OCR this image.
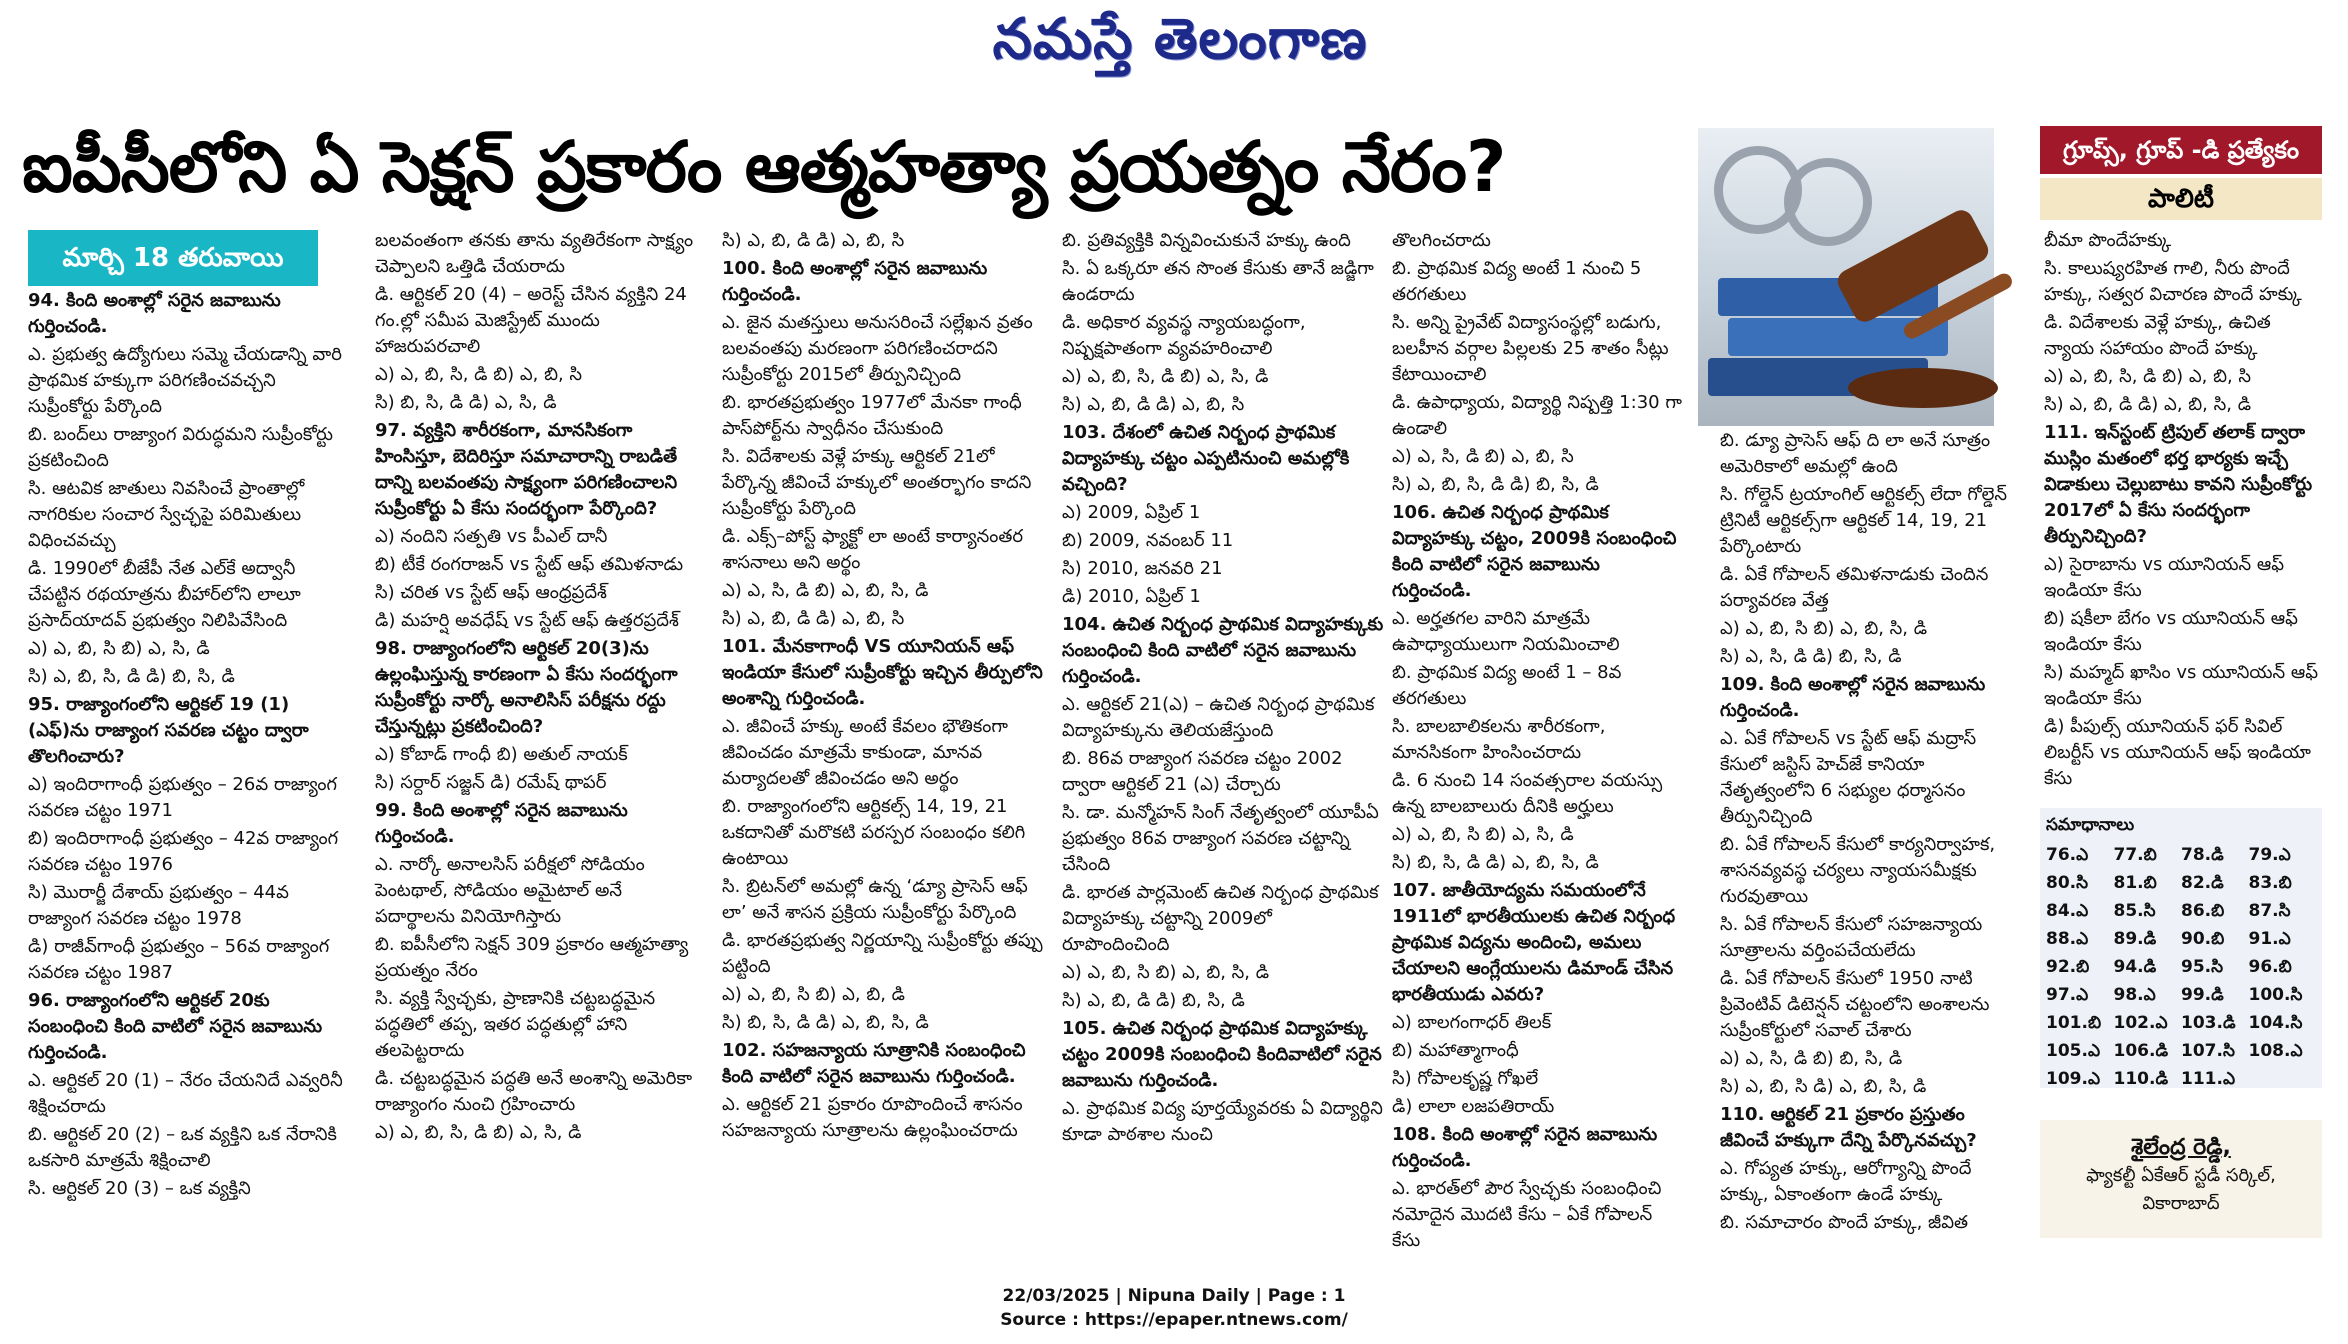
నమస్తే తెలంగాణ
ఐపీసీలోని ఏ సెక్షన్ ప్రకారం ఆత్మహత్యా ప్రయత్నం నేరం?
మార్చి 18 తరువాయి

94. కింది అంశాల్లో సరైన జవాబును గుర్తించండి.

ఎ. ప్రభుత్వ ఉద్యోగులు సమ్మె చేయడాన్ని వారి ప్రాథమిక హక్కుగా పరిగణించవచ్చని సుప్రీంకోర్టు పేర్కొంది

బి. బంద్‌లు రాజ్యాంగ విరుద్ధమని సుప్రీంకోర్టు ప్రకటించింది

సి. ఆటవిక జాతులు నివసించే ప్రాంతాల్లో నాగరికుల సంచార స్వేచ్ఛపై పరిమితులు విధించవచ్చు

డి. 1990లో బీజేపీ నేత ఎల్‌కే అద్వానీ చేపట్టిన రథయాత్రను బీహార్‌లోని లాలూ ప్రసాద్‌యాదవ్ ప్రభుత్వం నిలిపివేసింది

ఎ) ఎ, బి, సి బి) ఎ, సి, డి

సి) ఎ, బి, సి, డి డి) బి, సి, డి

95. రాజ్యాంగంలోని ఆర్టికల్ 19 (1) (ఎఫ్)ను రాజ్యాంగ సవరణ చట్టం ద్వారా తొలగించారు?

ఎ) ఇందిరాగాంధీ ప్రభుత్వం – 26వ రాజ్యాంగ సవరణ చట్టం 1971

బి) ఇందిరాగాంధీ ప్రభుత్వం – 42వ రాజ్యాంగ సవరణ చట్టం 1976

సి) మొరార్జీ దేశాయ్ ప్రభుత్వం – 44వ రాజ్యాంగ సవరణ చట్టం 1978

డి) రాజీవ్‌గాంధీ ప్రభుత్వం – 56వ రాజ్యాంగ సవరణ చట్టం 1987

96. రాజ్యాంగంలోని ఆర్టికల్ 20కు సంబంధించి కింది వాటిలో సరైన జవాబును గుర్తించండి.

ఎ. ఆర్టికల్ 20 (1) – నేరం చేయనిదే ఎవ్వరినీ శిక్షించరాదు

బి. ఆర్టికల్ 20 (2) – ఒక వ్యక్తిని ఒక నేరానికి ఒకసారి మాత్రమే శిక్షించాలి

సి. ఆర్టికల్ 20 (3) – ఒక వ్యక్తిని

బలవంతంగా తనకు తాను వ్యతిరేకంగా సాక్ష్యం చెప్పాలని ఒత్తిడి చేయరాదు

డి. ఆర్టికల్ 20 (4) – అరెస్ట్ చేసిన వ్యక్తిని 24 గం.ల్లో సమీప మెజిస్ట్రేట్ ముందు హాజరుపరచాలి

ఎ) ఎ, బి, సి, డి బి) ఎ, బి, సి

సి) బి, సి, డి డి) ఎ, సి, డి

97. వ్యక్తిని శారీరకంగా, మానసికంగా హింసిస్తూ, బెదిరిస్తూ సమాచారాన్ని రాబడితే దాన్ని బలవంతపు సాక్ష్యంగా పరిగణించాలని సుప్రీంకోర్టు ఏ కేసు సందర్భంగా పేర్కొంది?

ఎ) నందిని సత్పతి vs పీఎల్ దానీ

బి) టీకే రంగరాజన్ vs స్టేట్ ఆఫ్ తమిళనాడు

సి) చరిత vs స్టేట్ ఆఫ్ ఆంధ్రప్రదేశ్

డి) మహర్షి అవధేష్ vs స్టేట్ ఆఫ్ ఉత్తరప్రదేశ్

98. రాజ్యాంగంలోని ఆర్టికల్ 20(3)ను ఉల్లంఘిస్తున్న కారణంగా ఏ కేసు సందర్భంగా సుప్రీంకోర్టు నార్కో అనాలిసిస్ పరీక్షను రద్దు చేస్తున్నట్లు ప్రకటించింది?

ఎ) కోబాడ్ గాంధీ బి) అతుల్ నాయక్

సి) సర్దార్ సజ్జన్ డి) రమేష్ థాపర్

99. కింది అంశాల్లో సరైన జవాబును గుర్తించండి.

ఎ. నార్కో అనాలసిస్ పరీక్షలో సోడియం పెంటథాల్, సోడియం అమైటాల్ అనే పదార్థాలను వినియోగిస్తారు

బి. ఐపీసీలోని సెక్షన్ 309 ప్రకారం ఆత్మహత్యా ప్రయత్నం నేరం

సి. వ్యక్తి స్వేచ్ఛకు, ప్రాణానికి చట్టబద్ధమైన పద్ధతిలో తప్ప, ఇతర పద్ధతుల్లో హాని తలపెట్టరాదు

డి. చట్టబద్ధమైన పద్ధతి అనే అంశాన్ని అమెరికా రాజ్యాంగం నుంచి గ్రహించారు

ఎ) ఎ, బి, సి, డి బి) ఎ, సి, డి

సి) ఎ, బి, డి డి) ఎ, బి, సి

100. కింది అంశాల్లో సరైన జవాబును గుర్తించండి.

ఎ. జైన మతస్తులు అనుసరించే సల్లేఖన వ్రతం బలవంతపు మరణంగా పరిగణించరాదని సుప్రీంకోర్టు 2015లో తీర్పునిచ్చింది

బి. భారతప్రభుత్వం 1977లో మేనకా గాంధీ పాస్‌పోర్ట్‌ను స్వాధీనం చేసుకుంది

సి. విదేశాలకు వెళ్లే హక్కు ఆర్టికల్ 21లో పేర్కొన్న జీవించే హక్కులో అంతర్భాగం కాదని సుప్రీంకోర్టు పేర్కొంది

డి. ఎక్స్‌–పోస్ట్ ఫ్యాక్టో లా అంటే కార్యానంతర శాసనాలు అని అర్థం

ఎ) ఎ, సి, డి బి) ఎ, బి, సి, డి

సి) ఎ, బి, డి డి) ఎ, బి, సి

101. మేనకాగాంధీ VS యూనియన్ ఆఫ్ ఇండియా కేసులో సుప్రీంకోర్టు ఇచ్చిన తీర్పులోని అంశాన్ని గుర్తించండి.

ఎ. జీవించే హక్కు అంటే కేవలం భౌతికంగా జీవించడం మాత్రమే కాకుండా, మానవ మర్యాదలతో జీవించడం అని అర్థం

బి. రాజ్యాంగంలోని ఆర్టికల్స్ 14, 19, 21 ఒకదానితో మరొకటి పరస్పర సంబంధం కలిగి ఉంటాయి

సి. బ్రిటన్‌లో అమల్లో ఉన్న ‘డ్యూ ప్రాసెస్ ఆఫ్ లా’ అనే శాసన ప్రక్రియ సుప్రీంకోర్టు పేర్కొంది

డి. భారతప్రభుత్వ నిర్ణయాన్ని సుప్రీంకోర్టు తప్పు పట్టింది

ఎ) ఎ, బి, సి బి) ఎ, బి, డి

సి) బి, సి, డి డి) ఎ, బి, సి, డి

102. సహజన్యాయ సూత్రానికి సంబంధించి కింది వాటిలో సరైన జవాబును గుర్తించండి.

ఎ. ఆర్టికల్ 21 ప్రకారం రూపొందించే శాసనం సహజన్యాయ సూత్రాలను ఉల్లంఘించరాదు

బి. ప్రతివ్యక్తికి విన్నవించుకునే హక్కు ఉంది

సి. ఏ ఒక్కరూ తన సొంత కేసుకు తానే జడ్జిగా ఉండరాదు

డి. అధికార వ్యవస్థ న్యాయబద్ధంగా, నిష్పక్షపాతంగా వ్యవహరించాలి

ఎ) ఎ, బి, సి, డి బి) ఎ, సి, డి

సి) ఎ, బి, డి డి) ఎ, బి, సి

103. దేశంలో ఉచిత నిర్బంధ ప్రాథమిక విద్యాహక్కు చట్టం ఎప్పటినుంచి అమల్లోకి వచ్చింది?

ఎ) 2009, ఏప్రిల్ 1

బి) 2009, నవంబర్ 11

సి) 2010, జనవరి 21

డి) 2010, ఏప్రిల్ 1

104. ఉచిత నిర్బంధ ప్రాథమిక విద్యాహక్కుకు సంబంధించి కింది వాటిలో సరైన జవాబును గుర్తించండి.

ఎ. ఆర్టికల్ 21(ఎ) – ఉచిత నిర్బంధ ప్రాథమిక విద్యాహక్కును తెలియజేస్తుంది

బి. 86వ రాజ్యాంగ సవరణ చట్టం 2002 ద్వారా ఆర్టికల్ 21 (ఎ) చేర్చారు

సి. డా. మన్మోహన్ సింగ్ నేతృత్వంలో యూపీఏ ప్రభుత్వం 86వ రాజ్యాంగ సవరణ చట్టాన్ని చేసింది

డి. భారత పార్లమెంట్ ఉచిత నిర్బంధ ప్రాథమిక విద్యాహక్కు చట్టాన్ని 2009లో రూపొందించింది

ఎ) ఎ, బి, సి బి) ఎ, బి, సి, డి

సి) ఎ, బి, డి డి) బి, సి, డి

105. ఉచిత నిర్బంధ ప్రాథమిక విద్యాహక్కు చట్టం 2009కి సంబంధించి కిందివాటిలో సరైన జవాబును గుర్తించండి.

ఎ. ప్రాథమిక విద్య పూర్తయ్యేవరకు ఏ విద్యార్థిని కూడా పాఠశాల నుంచి

తొలగించరాదు

బి. ప్రాథమిక విద్య అంటే 1 నుంచి 5 తరగతులు

సి. అన్ని ప్రైవేట్ విద్యాసంస్థల్లో బడుగు, బలహీన వర్గాల పిల్లలకు 25 శాతం సీట్లు కేటాయించాలి

డి. ఉపాధ్యాయ, విద్యార్థి నిష్పత్తి 1:30 గా ఉండాలి

ఎ) ఎ, సి, డి బి) ఎ, బి, సి

సి) ఎ, బి, సి, డి డి) బి, సి, డి

106. ఉచిత నిర్బంధ ప్రాథమిక విద్యాహక్కు చట్టం, 2009కి సంబంధించి కింది వాటిలో సరైన జవాబును గుర్తించండి.

ఎ. అర్హతగల వారిని మాత్రమే ఉపాధ్యాయులుగా నియమించాలి

బి. ప్రాథమిక విద్య అంటే 1 – 8వ తరగతులు

సి. బాలబాలికలను శారీరకంగా, మానసికంగా హింసించరాదు

డి. 6 నుంచి 14 సంవత్సరాల వయస్సు ఉన్న బాలబాలురు దీనికి అర్హులు

ఎ) ఎ, బి, సి బి) ఎ, సి, డి

సి) బి, సి, డి డి) ఎ, బి, సి, డి

107. జాతీయోద్యమ సమయంలోనే 1911లో భారతీయులకు ఉచిత నిర్బంధ ప్రాథమిక విద్యను అందించి, అమలు చేయాలని ఆంగ్లేయులను డిమాండ్ చేసిన భారతీయుడు ఎవరు?

ఎ) బాలగంగాధర్ తిలక్

బి) మహాత్మాగాంధీ

సి) గోపాలకృష్ణ గోఖలే

డి) లాలా లజపతిరాయ్

108. కింది అంశాల్లో సరైన జవాబును గుర్తించండి.

ఎ. భారత్‌లో పౌర స్వేచ్ఛకు సంబంధించి నమోదైన మొదటి కేసు – ఏకే గోపాలన్ కేసు

బి. డ్యూ ప్రాసెస్ ఆఫ్ ది లా అనే సూత్రం అమెరికాలో అమల్లో ఉంది

సి. గోల్డెన్ ట్రయాంగిల్ ఆర్టికల్స్ లేదా గోల్డెన్ ట్రినిటీ ఆర్టికల్స్‌గా ఆర్టికల్ 14, 19, 21 పేర్కొంటారు

డి. ఏకే గోపాలన్ తమిళనాడుకు చెందిన పర్యావరణ వేత్త

ఎ) ఎ, బి, సి బి) ఎ, బి, సి, డి

సి) ఎ, సి, డి డి) బి, సి, డి

109. కింది అంశాల్లో సరైన జవాబును గుర్తించండి.

ఎ. ఏకే గోపాలన్ vs స్టేట్ ఆఫ్ మద్రాస్ కేసులో జస్టిస్ హెచ్‌జే కానియా నేతృత్వంలోని 6 సభ్యుల ధర్మాసనం తీర్పునిచ్చింది

బి. ఏకే గోపాలన్ కేసులో కార్యనిర్వాహక, శాసనవ్యవస్థ చర్యలు న్యాయసమీక్షకు గురవుతాయి

సి. ఏకే గోపాలన్ కేసులో సహజన్యాయ సూత్రాలను వర్తింపచేయలేదు

డి. ఏకే గోపాలన్ కేసులో 1950 నాటి ప్రివెంటివ్ డిటెన్షన్ చట్టంలోని అంశాలను సుప్రీంకోర్టులో సవాల్ చేశారు

ఎ) ఎ, సి, డి బి) బి, సి, డి

సి) ఎ, బి, సి డి) ఎ, బి, సి, డి

110. ఆర్టికల్ 21 ప్రకారం ప్రస్తుతం జీవించే హక్కుగా దేన్ని పేర్కొనవచ్చు?

ఎ. గోప్యత హక్కు, ఆరోగ్యాన్ని పొందే హక్కు, ఏకాంతంగా ఉండే హక్కు

బి. సమాచారం పొందే హక్కు, జీవిత

బీమా పొందేహక్కు

సి. కాలుష్యరహిత గాలి, నీరు పొందే హక్కు, సత్వర విచారణ పొందే హక్కు

డి. విదేశాలకు వెళ్లే హక్కు, ఉచిత న్యాయ సహాయం పొందే హక్కు

ఎ) ఎ, బి, సి, డి బి) ఎ, బి, సి

సి) ఎ, బి, డి డి) ఎ, బి, సి, డి

111. ఇన్‌స్టంట్ ట్రిపుల్ తలాక్ ద్వారా ముస్లిం మతంలో భర్త భార్యకు ఇచ్చే విడాకులు చెల్లుబాటు కావని సుప్రీంకోర్టు 2017లో ఏ కేసు సందర్భంగా తీర్పునిచ్చింది?

ఎ) సైరాబాను vs యూనియన్ ఆఫ్ ఇండియా కేసు

బి) షకీలా బేగం vs యూనియన్ ఆఫ్ ఇండియా కేసు

సి) మహ్మద్ ఖాసిం vs యూనియన్ ఆఫ్ ఇండియా కేసు

డి) పీపుల్స్ యూనియన్ ఫర్ సివిల్ లిబర్టీస్ vs యూనియన్ ఆఫ్ ఇండియా కేసు

గ్రూప్స్, గ్రూప్ -డి ప్రత్యేకం
పాలిటీ
సమాధానాలు
76.ఎ	77.బి	78.డి	79.ఎ
80.సి	81.బి	82.డి	83.బి
84.ఎ	85.సి	86.బి	87.సి
88.ఎ	89.డి	90.బి	91.ఎ
92.బి	94.డి	95.సి	96.బి
97.ఎ	98.ఎ	99.డి	100.సి
101.బి 102.ఎ 103.డి 104.సి
105.ఎ 106.డి 107.సి 108.ఎ
109.ఎ 110.డి 111.ఎ
శైలేంద్ర రెడ్డి,
ఫ్యాకల్టీ ఏకేఆర్ స్టడీ సర్కిల్,
వికారాబాద్
22/03/2025 | Nipuna Daily | Page : 1
Source : https://epaper.ntnews.com/
